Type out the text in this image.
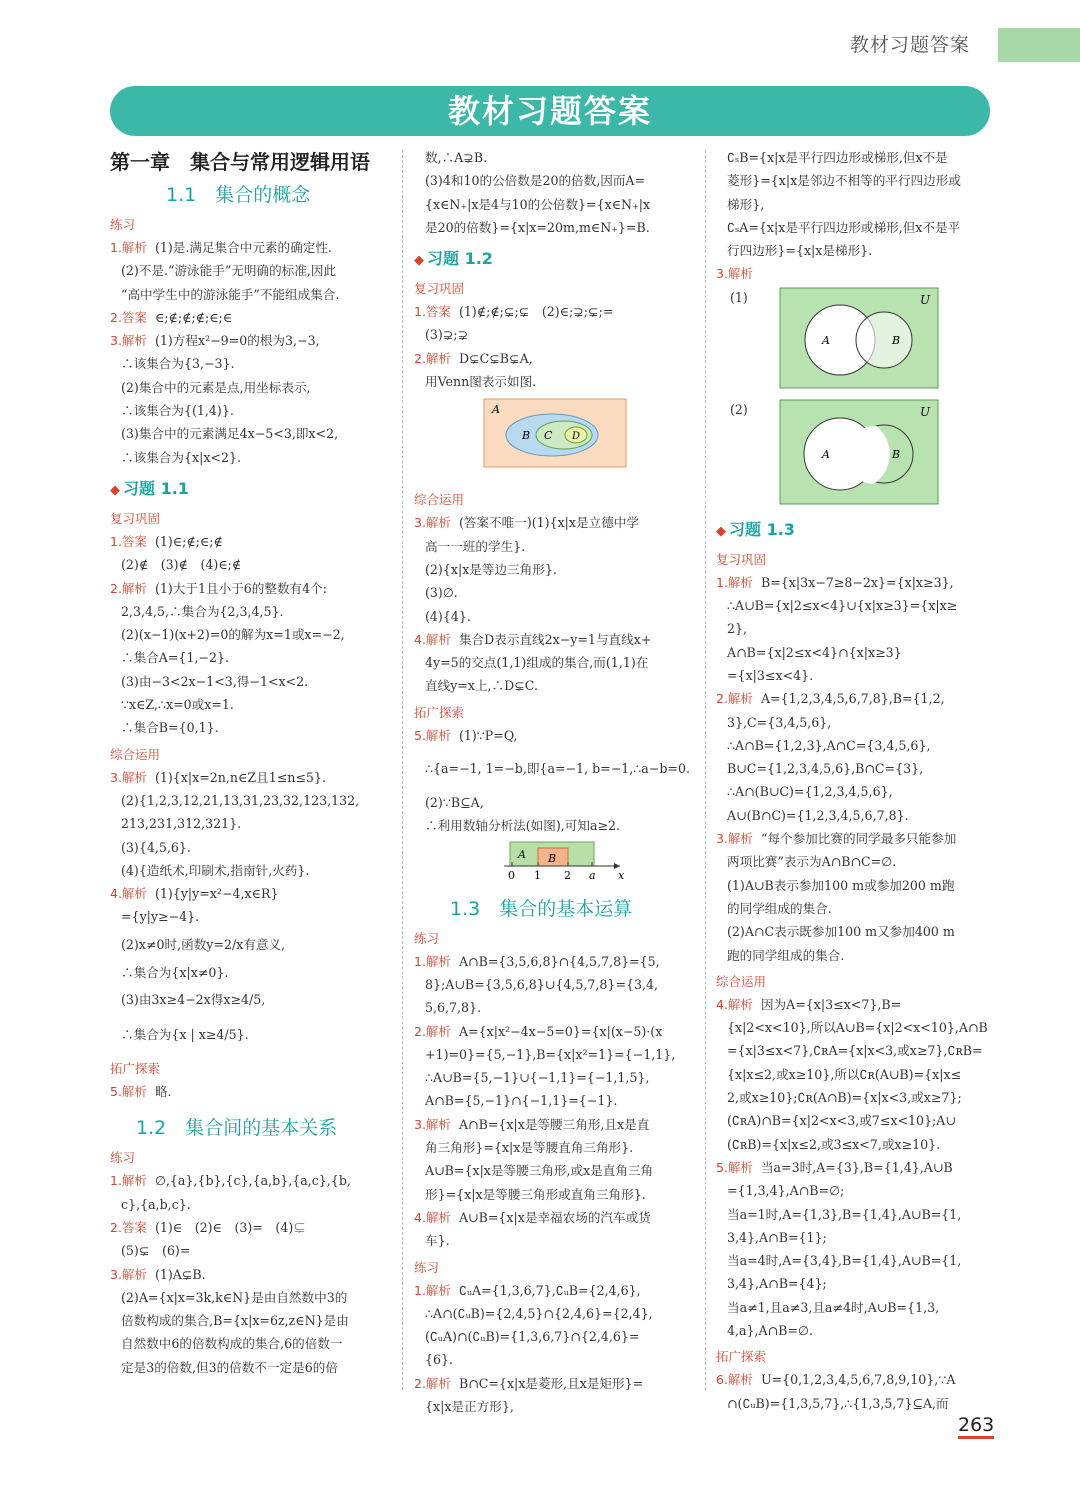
教材习题答案
教材习题答案
第一章　集合与常用逻辑用语
1.1　集合的概念
练习
1.解析 (1)是.满足集合中元素的确定性.
(2)不是.“游泳能手”无明确的标准,因此
“高中学生中的游泳能手”不能组成集合.
2.答案 ∈;∉;∉;∉;∈;∈
3.解析 (1)方程x²−9=0的根为3,−3,
∴该集合为{3,−3}.
(2)集合中的元素是点,用坐标表示,
∴该集合为{(1,4)}.
(3)集合中的元素满足4x−5<3,即x<2,
∴该集合为{x|x<2}.
◆ 习题 1.1
复习巩固
1.答案 (1)∈;∉;∈;∉
(2)∉　(3)∉　(4)∈;∉
2.解析 (1)大于1且小于6的整数有4个:
2,3,4,5,∴集合为{2,3,4,5}.
(2)(x−1)(x+2)=0的解为x=1或x=−2,
∴集合A={1,−2}.
(3)由−3<2x−1<3,得−1<x<2.
∵x∈Z,∴x=0或x=1.
∴集合B={0,1}.
综合运用
3.解析 (1){x|x=2n,n∈Z且1≤n≤5}.
(2){1,2,3,12,21,13,31,23,32,123,132,
213,231,312,321}.
(3){4,5,6}.
(4){造纸术,印刷术,指南针,火药}.
4.解析 (1){y|y=x²−4,x∈R}
={y|y≥−4}.
(2)x≠0时,函数y=2/x有意义,
∴集合为{x|x≠0}.
(3)由3x≥4−2x得x≥4/5,
∴集合为{x | x≥4/5}.
拓广探索
5.解析 略.
1.2　集合间的基本关系
练习
1.解析 ∅,{a},{b},{c},{a,b},{a,c},{b,
c},{a,b,c}.
2.答案 (1)∈　(2)∈　(3)=　(4)⊊
(5)⊊　(6)=
3.解析 (1)A⊊B.
(2)A={x|x=3k,k∈N}是由自然数中3的
倍数构成的集合,B={x|x=6z,z∈N}是由
自然数中6的倍数构成的集合,6的倍数一
定是3的倍数,但3的倍数不一定是6的倍
数,∴A⊋B.
(3)4和10的公倍数是20的倍数,因而A=
{x∈N₊|x是4与10的公倍数}={x∈N₊|x
是20的倍数}={x|x=20m,m∈N₊}=B.
◆ 习题 1.2
复习巩固
1.答案 (1)∉;∉;⊊;⊊　(2)∈;⊋;⊊;=
(3)⊋;⊋
2.解析 D⊊C⊊B⊊A,
用Venn图表示如图.
A
B C D
综合运用
3.解析 (答案不唯一)(1){x|x是立德中学
高一一班的学生}.
(2){x|x是等边三角形}.
(3)∅.
(4){4}.
4.解析 集合D表示直线2x−y=1与直线x+
4y=5的交点(1,1)组成的集合,而(1,1)在
直线y=x上,∴D⊊C.
拓广探索
5.解析 (1)∵P=Q,
∴{a=−1, 1=−b,即{a=−1, b=−1,∴a−b=0.
(2)∵B⊆A,
∴利用数轴分析法(如图),可知a≥2.
A B
0 1 2 a x
1.3　集合的基本运算
练习
1.解析 A∩B={3,5,6,8}∩{4,5,7,8}={5,
8};A∪B={3,5,6,8}∪{4,5,7,8}={3,4,
5,6,7,8}.
2.解析 A={x|x²−4x−5=0}={x|(x−5)·(x
+1)=0}={5,−1},B={x|x²=1}={−1,1},
∴A∪B={5,−1}∪{−1,1}={−1,1,5},
A∩B={5,−1}∩{−1,1}={−1}.
3.解析 A∩B={x|x是等腰三角形,且x是直
角三角形}={x|x是等腰直角三角形}.
A∪B={x|x是等腰三角形,或x是直角三角
形}={x|x是等腰三角形或直角三角形}.
4.解析 A∪B={x|x是幸福农场的汽车或货
车}.
练习
1.解析 ∁ᵤA={1,3,6,7},∁ᵤB={2,4,6},
∴A∩(∁ᵤB)={2,4,5}∩{2,4,6}={2,4},
(∁ᵤA)∩(∁ᵤB)={1,3,6,7}∩{2,4,6}=
{6}.
2.解析 B∩C={x|x是菱形,且x是矩形}=
{x|x是正方形},
∁ₛB={x|x是平行四边形或梯形,但x不是
菱形}={x|x是邻边不相等的平行四边形或
梯形},
∁ₛA={x|x是平行四边形或梯形,但x不是平
行四边形}={x|x是梯形}.
3.解析
(1)	U
A	B
(2)	U
A	B
◆ 习题 1.3
复习巩固
1.解析 B={x|3x−7≥8−2x}={x|x≥3},
∴A∪B={x|2≤x<4}∪{x|x≥3}={x|x≥
2},
A∩B={x|2≤x<4}∩{x|x≥3}
={x|3≤x<4}.
2.解析 A={1,2,3,4,5,6,7,8},B={1,2,
3},C={3,4,5,6},
∴A∩B={1,2,3},A∩C={3,4,5,6},
B∪C={1,2,3,4,5,6},B∩C={3},
∴A∩(B∪C)={1,2,3,4,5,6},
A∪(B∩C)={1,2,3,4,5,6,7,8}.
3.解析 “每个参加比赛的同学最多只能参加
两项比赛”表示为A∩B∩C=∅.
(1)A∪B表示参加100 m或参加200 m跑
的同学组成的集合.
(2)A∩C表示既参加100 m又参加400 m
跑的同学组成的集合.
综合运用
4.解析 因为A={x|3≤x<7},B=
{x|2<x<10},所以A∪B={x|2<x<10},A∩B
={x|3≤x<7},∁ʀA={x|x<3,或x≥7},∁ʀB=
{x|x≤2,或x≥10},所以∁ʀ(A∪B)={x|x≤
2,或x≥10};∁ʀ(A∩B)={x|x<3,或x≥7};
(∁ʀA)∩B={x|2<x<3,或7≤x<10};A∪
(∁ʀB)={x|x≤2,或3≤x<7,或x≥10}.
5.解析 当a=3时,A={3},B={1,4},A∪B
={1,3,4},A∩B=∅;
当a=1时,A={1,3},B={1,4},A∪B={1,
3,4},A∩B={1};
当a=4时,A={3,4},B={1,4},A∪B={1,
3,4},A∩B={4};
当a≠1,且a≠3,且a≠4时,A∪B={1,3,
4,a},A∩B=∅.
拓广探索
6.解析 U={0,1,2,3,4,5,6,7,8,9,10},∵A
∩(∁ᵤB)={1,3,5,7},∴{1,3,5,7}⊆A,而
263
